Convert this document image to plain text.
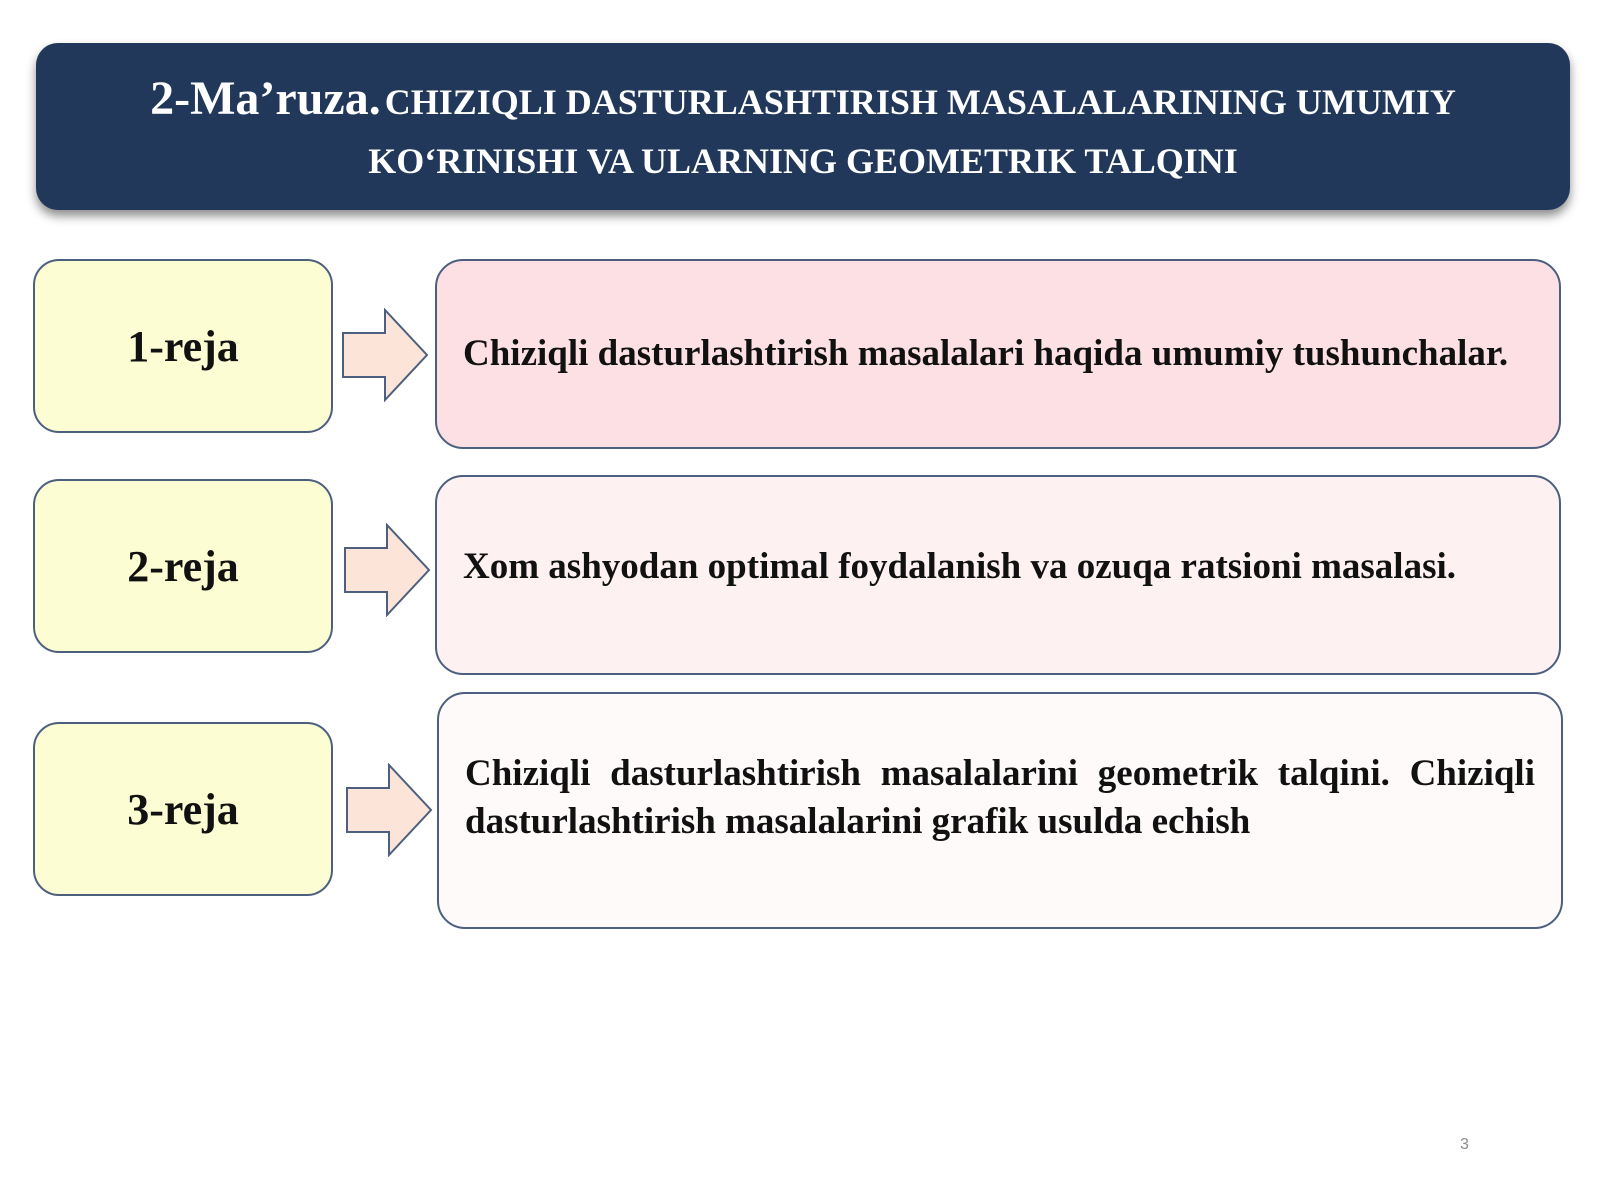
2-Ma’ruza. CHIZIQLI DASTURLASHTIRISH MASALALARINING UMUMIY
KO‘RINISHI VA ULARNING GEOMETRIK TALQINI
1-reja	Chiziqli dasturlashtirish masalalari haqida umumiy tushunchalar.
2-reja	Xom ashyodan optimal foydalanish va ozuqa ratsioni masalasi.
3-reja
Chiziqli dasturlashtirish masalalarini geometrik talqini. Chiziqli dasturlashtirish masalalarini grafik usulda echish
3
